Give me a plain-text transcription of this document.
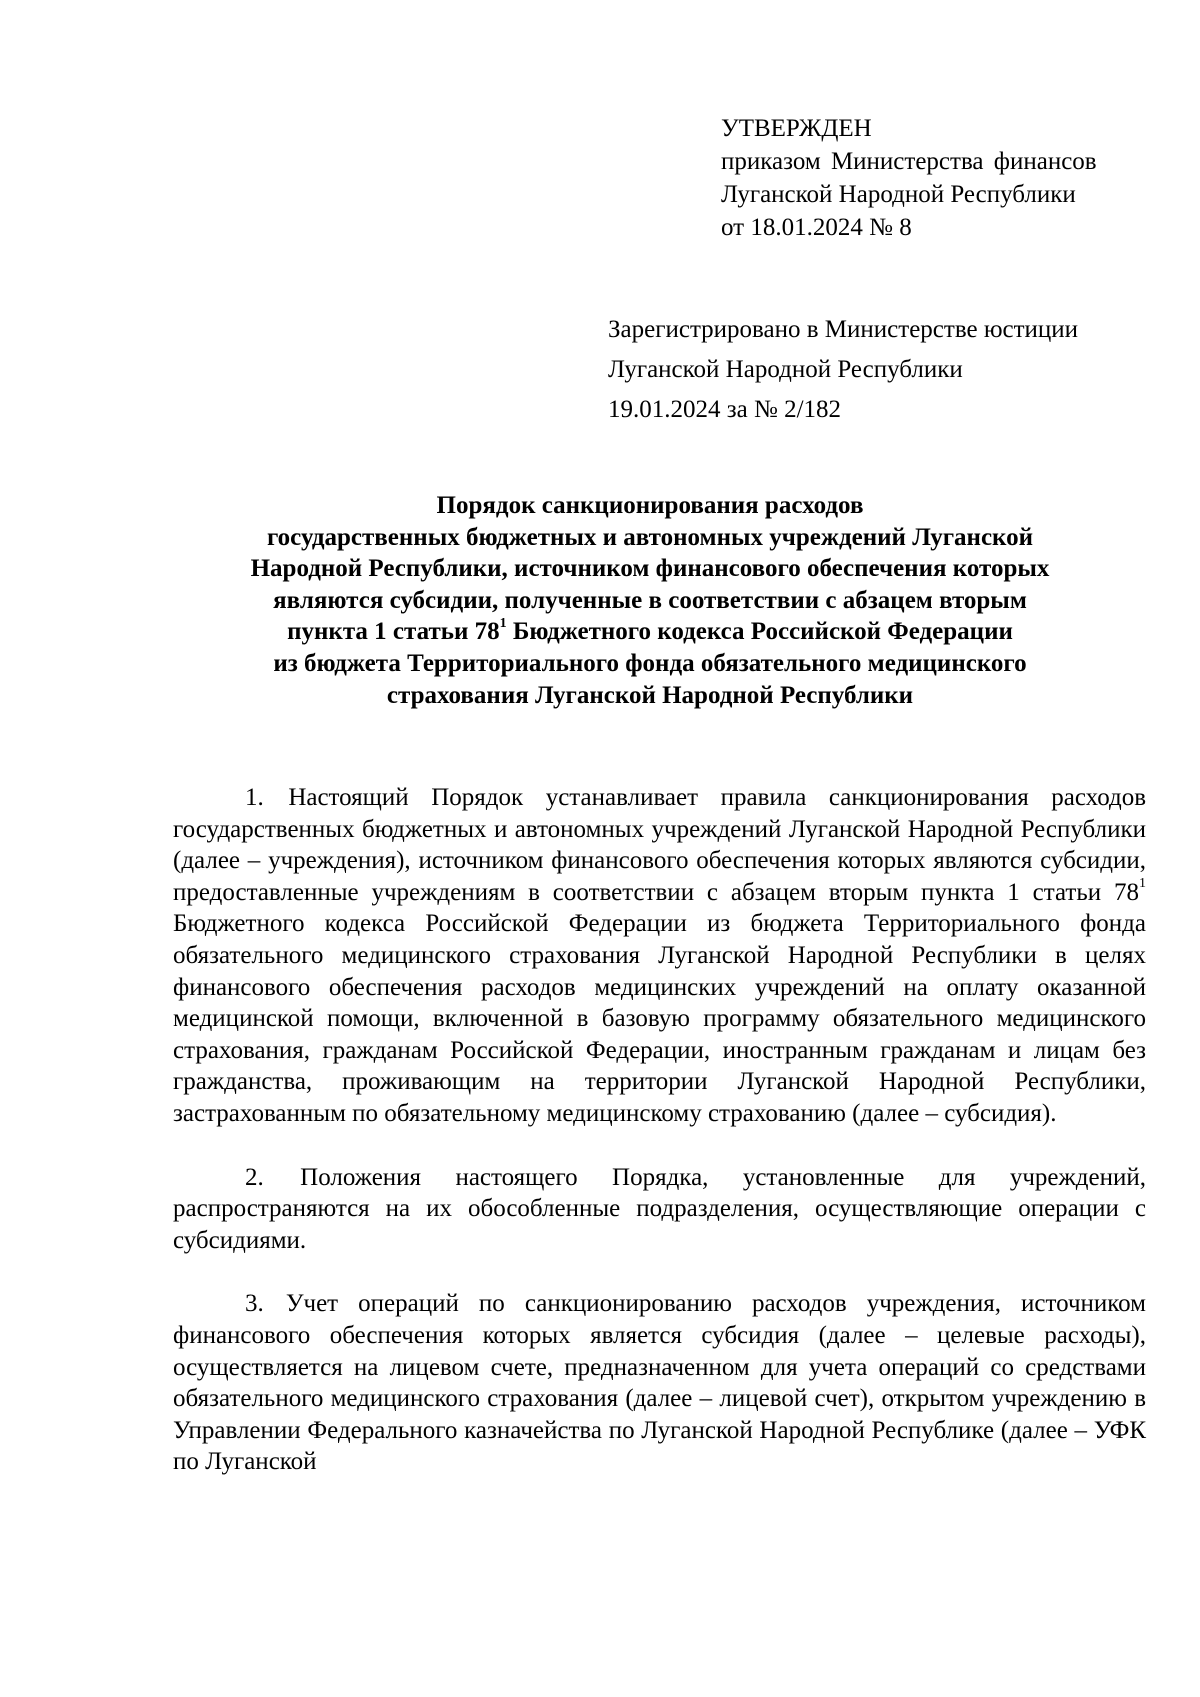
УТВЕРЖДЕН
приказом Министерства финансов
Луганской Народной Республики
от 18.01.2024 № 8
Зарегистрировано в Министерстве юстиции
Луганской Народной Республики
19.01.2024 за № 2/182
Порядок санкционирования расходов
государственных бюджетных и автономных учреждений Луганской
Народной Республики, источником финансового обеспечения которых
являются субсидии, полученные в соответствии с абзацем вторым
пункта 1 статьи $78^1$ Бюджетного кодекса Российской Федерации
из бюджета Территориального фонда обязательного медицинского
страхования Луганской Народной Республики

1. Настоящий Порядок устанавливает правила санкционирования расходов государственных бюджетных и автономных учреждений Луганской Народной Республики (далее – учреждения), источником финансового обеспечения которых являются субсидии, предоставленные учреждениям в соответствии с абзацем вторым пункта 1 статьи $78^1$ Бюджетного кодекса Российской Федерации из бюджета Территориального фонда обязательного медицинского страхования Луганской Народной Республики в целях финансового обеспечения расходов медицинских учреждений на оплату оказанной медицинской помощи, включенной в базовую программу обязательного медицинского страхования, гражданам Российской Федерации, иностранным гражданам и лицам без гражданства, проживающим на территории Луганской Народной Республики, застрахованным по обязательному медицинскому страхованию (далее – субсидия).

2. Положения настоящего Порядка, установленные для учреждений, распространяются на их обособленные подразделения, осуществляющие операции с субсидиями.

3. Учет операций по санкционированию расходов учреждения, источником финансового обеспечения которых является субсидия (далее – целевые расходы), осуществляется на лицевом счете, предназначенном для учета операций со средствами обязательного медицинского страхования (далее – лицевой счет), открытом учреждению в Управлении Федерального казначейства по Луганской Народной Республике (далее – УФК по Луганской
